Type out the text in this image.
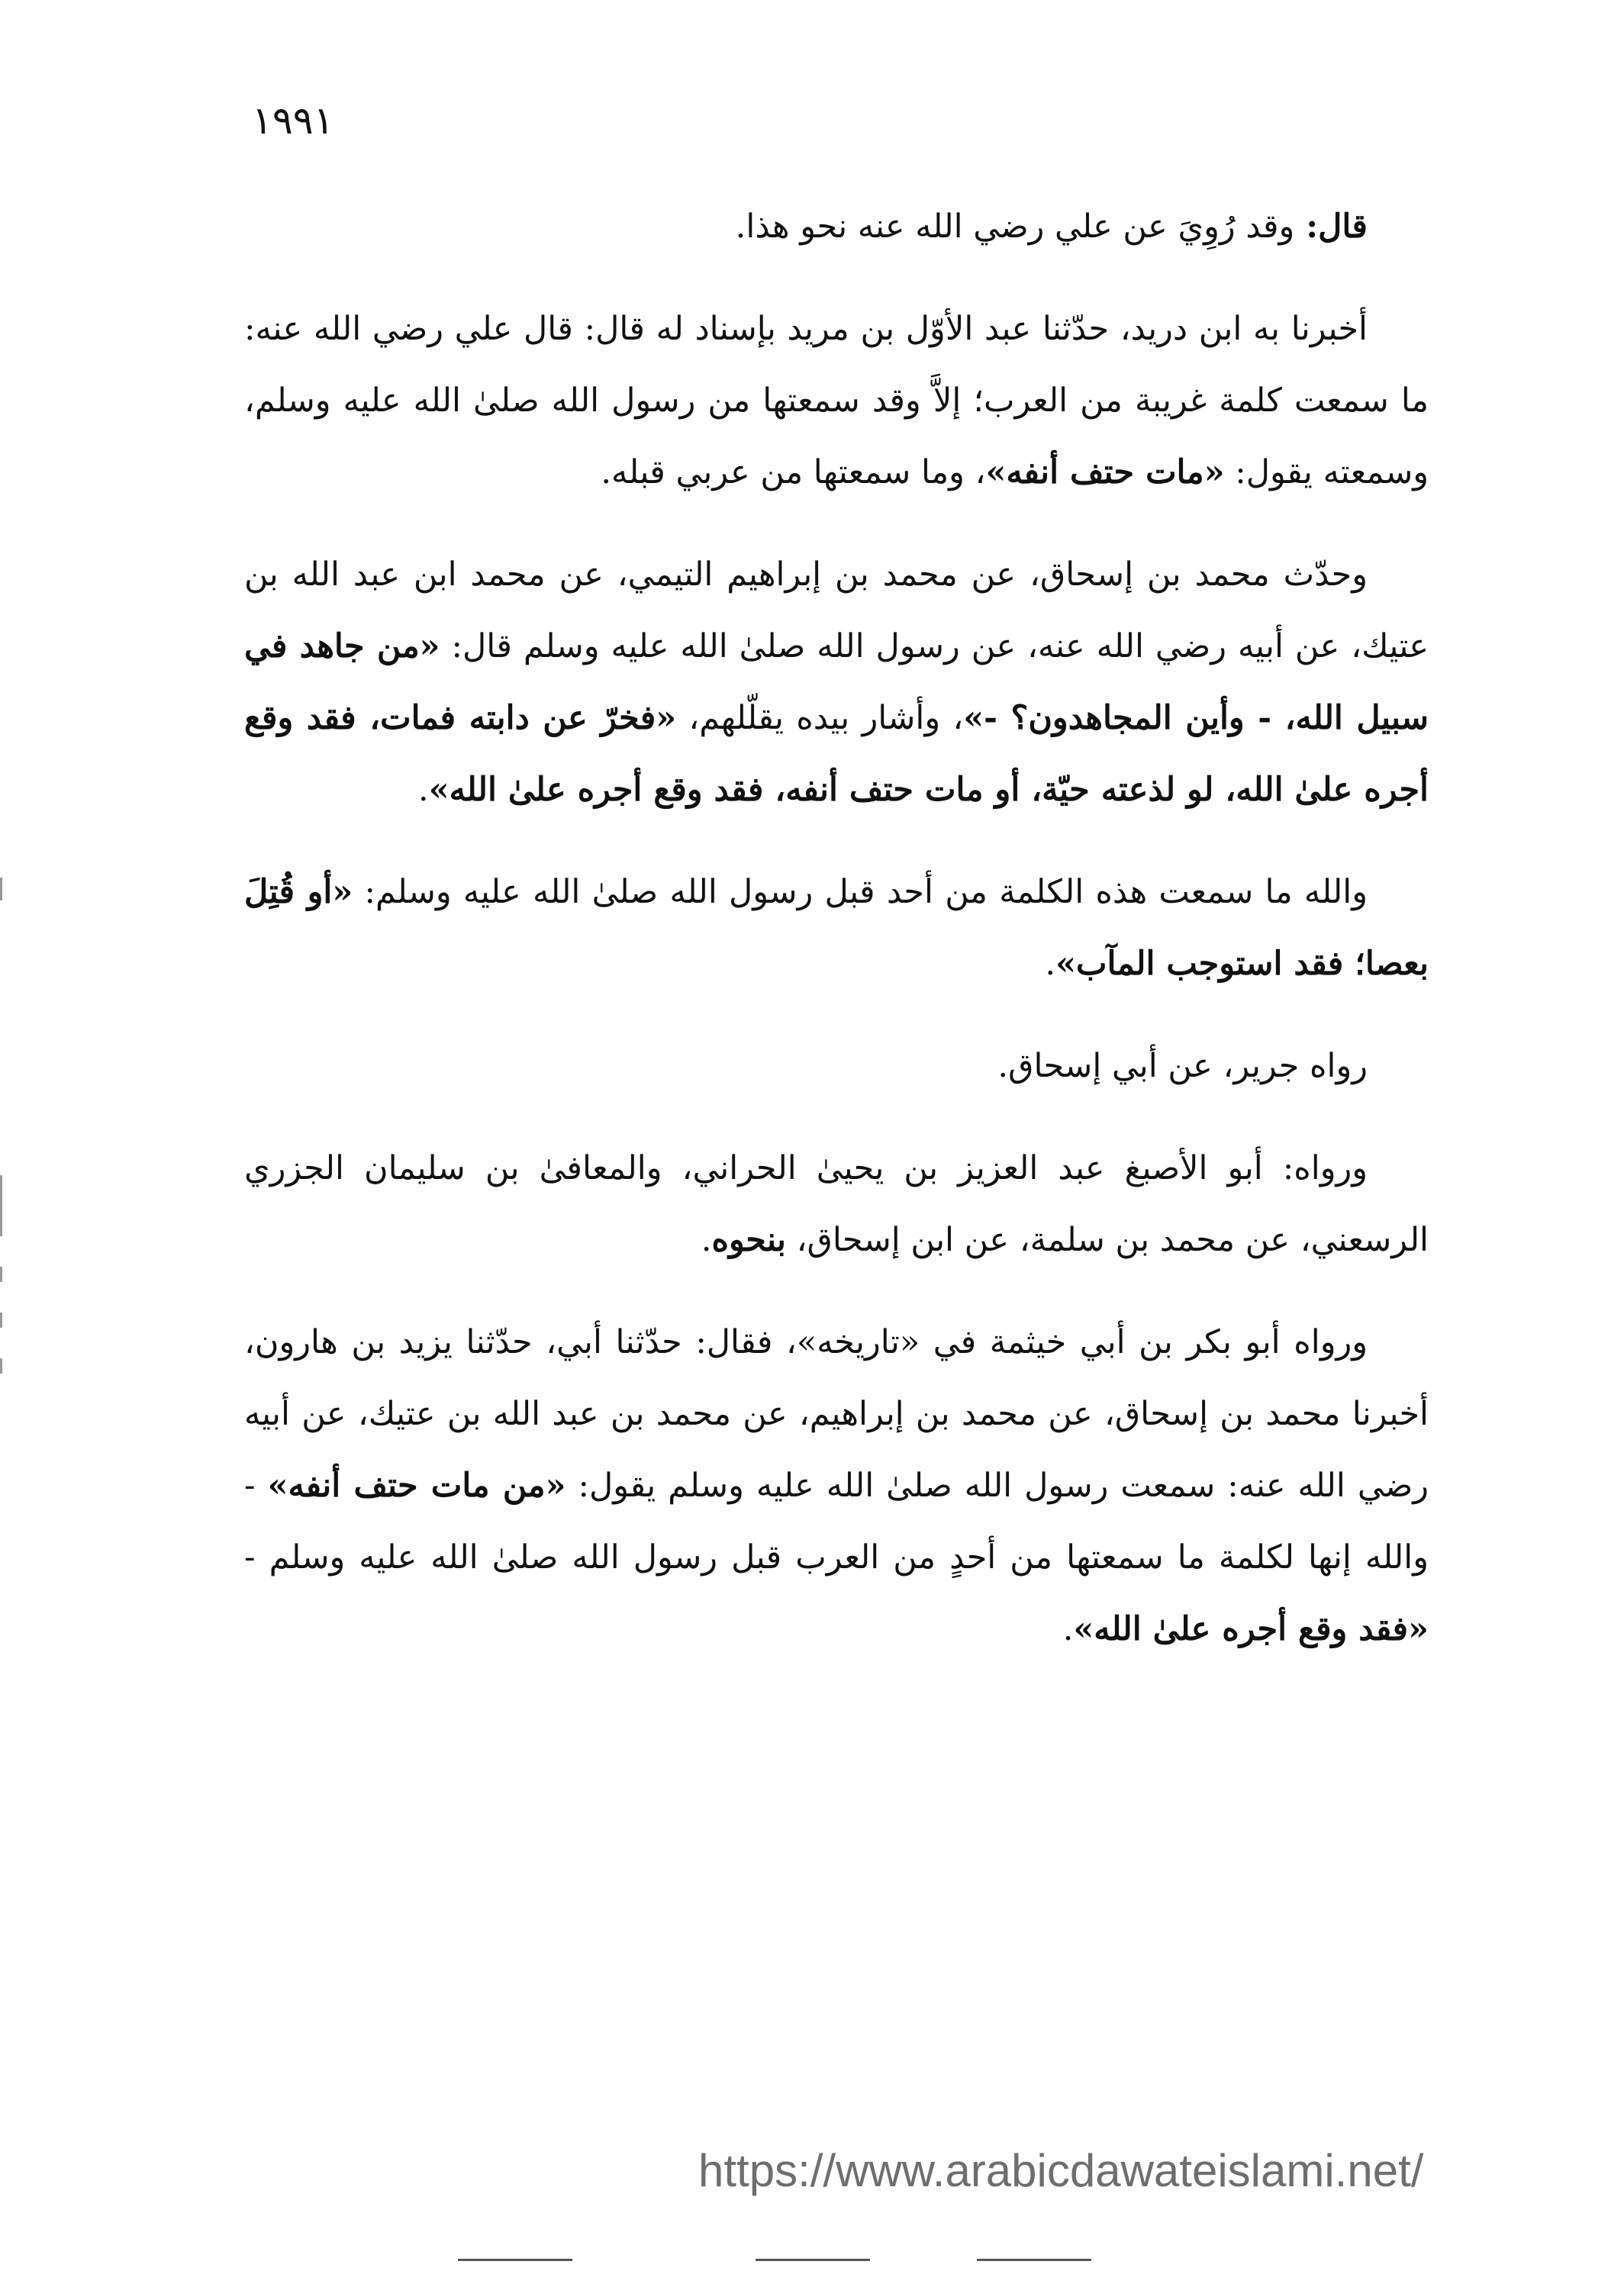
١٩٩١

قال: وقد رُوِيَ عن علي رضي الله عنه نحو هذا.

أخبرنا به ابن دريد، حدّثنا عبد الأوّل بن مريد بإسناد له قال: قال علي رضي الله عنه: ما سمعت كلمة غريبة من العرب؛ إلاَّ وقد سمعتها من رسول الله صلىٰ الله عليه وسلم، وسمعته يقول: «مات حتف أنفه»، وما سمعتها من عربي قبله.

وحدّث محمد بن إسحاق، عن محمد بن إبراهيم التيمي، عن محمد ابن عبد الله بن عتيك، عن أبيه رضي الله عنه، عن رسول الله صلىٰ الله عليه وسلم قال: «من جاهد في سبيل الله، - وأين المجاهدون؟ -»، وأشار بيده يقلّلهم، «فخرّ عن دابته فمات، فقد وقع أجره علىٰ الله، لو لذعته حيّة، أو مات حتف أنفه، فقد وقع أجره علىٰ الله».

والله ما سمعت هذه الكلمة من أحد قبل رسول الله صلىٰ الله عليه وسلم: «أو قُتِلَ بعصا؛ فقد استوجب المآب».

رواه جرير، عن أبي إسحاق.

ورواه: أبو الأصبغ عبد العزيز بن يحيىٰ الحراني، والمعافىٰ بن سليمان الجزري الرسعني، عن محمد بن سلمة، عن ابن إسحاق، بنحوه.

ورواه أبو بكر بن أبي خيثمة في «تاريخه»، فقال: حدّثنا أبي، حدّثنا يزيد بن هارون، أخبرنا محمد بن إسحاق، عن محمد بن إبراهيم، عن محمد بن عبد الله بن عتيك، عن أبيه رضي الله عنه: سمعت رسول الله صلىٰ الله عليه وسلم يقول: «من مات حتف أنفه» - والله إنها لكلمة ما سمعتها من أحدٍ من العرب قبل رسول الله صلىٰ الله عليه وسلم - «فقد وقع أجره علىٰ الله».

https://www.arabicdawateislami.net/
